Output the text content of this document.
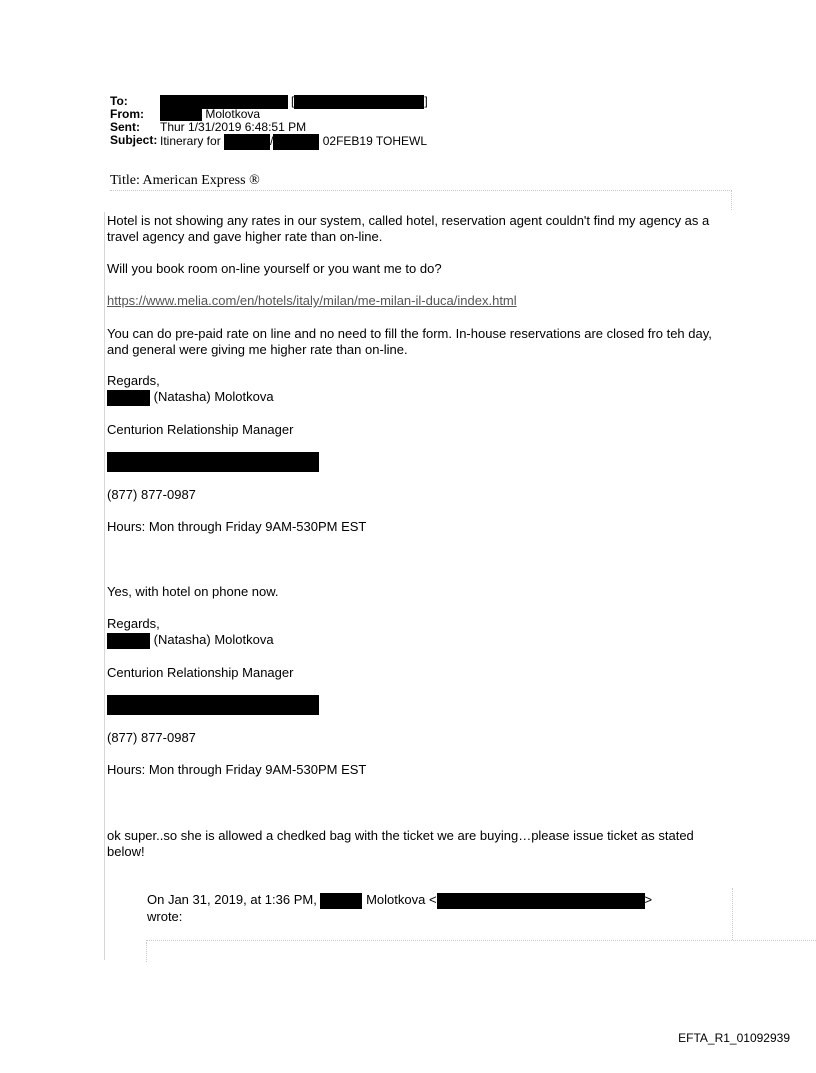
To:	[	]
From:	Molotkova
Sent: Thur 1/31/2019 6:48:51 PM
Subject: Itinerary for	/	02FEB19 TOHEWL
Title: American Express ®
Hotel is not showing any rates in our system, called hotel, reservation agent couldn't find my agency as a travel agency and gave higher rate than on-line.
Will you book room on-line yourself or you want me to do?
https://www.melia.com/en/hotels/italy/milan/me-milan-il-duca/index.html
You can do pre-paid rate on line and no need to fill the form. In-house reservations are closed fro teh day, and general were giving me higher rate than on-line.
Regards,
(Natasha) Molotkova
Centurion Relationship Manager
(877) 877-0987
Hours: Mon through Friday 9AM-530PM EST
Yes, with hotel on phone now.
Regards,
(Natasha) Molotkova
Centurion Relationship Manager
(877) 877-0987
Hours: Mon through Friday 9AM-530PM EST
ok super..so she is allowed a chedked bag with the ticket we are buying…please issue ticket as stated below!
On Jan 31, 2019, at 1:36 PM,	Molotkova <	>
wrote:
EFTA_R1_01092939
